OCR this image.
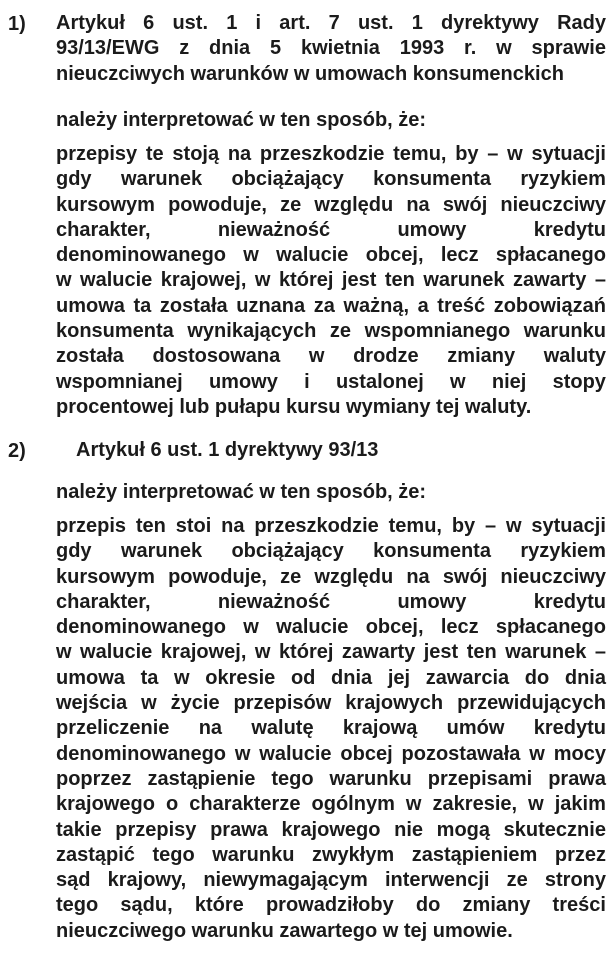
1) Artykuł 6 ust. 1 i art. 7 ust. 1 dyrektywy Rady
93/13/EWG z dnia 5 kwietnia 1993 r. w sprawie
nieuczciwych warunków w umowach konsumenckich
należy interpretować w ten sposób, że:
przepisy te stoją na przeszkodzie temu, by – w sytuacji
gdy warunek obciążający konsumenta ryzykiem
kursowym powoduje, ze względu na swój nieuczciwy
charakter,	nieważność	umowy	kredytu
denominowanego w walucie obcej, lecz spłacanego
w walucie krajowej, w której jest ten warunek zawarty –
umowa ta została uznana za ważną, a treść zobowiązań
konsumenta wynikających ze wspomnianego warunku
została dostosowana w drodze zmiany waluty
wspomnianej umowy i ustalonej w niej stopy
procentowej lub pułapu kursu wymiany tej waluty.
2)	Artykuł 6 ust. 1 dyrektywy 93/13
należy interpretować w ten sposób, że:
przepis ten stoi na przeszkodzie temu, by – w sytuacji
gdy warunek obciążający konsumenta ryzykiem
kursowym powoduje, ze względu na swój nieuczciwy
charakter,	nieważność	umowy	kredytu
denominowanego w walucie obcej, lecz spłacanego
w walucie krajowej, w której zawarty jest ten warunek –
umowa ta w okresie od dnia jej zawarcia do dnia
wejścia w życie przepisów krajowych przewidujących
przeliczenie na walutę krajową umów kredytu
denominowanego w walucie obcej pozostawała w mocy
poprzez zastąpienie tego warunku przepisami prawa
krajowego o charakterze ogólnym w zakresie, w jakim
takie przepisy prawa krajowego nie mogą skutecznie
zastąpić tego warunku zwykłym zastąpieniem przez
sąd krajowy, niewymagającym interwencji ze strony
tego sądu, które prowadziłoby do zmiany treści
nieuczciwego warunku zawartego w tej umowie.
